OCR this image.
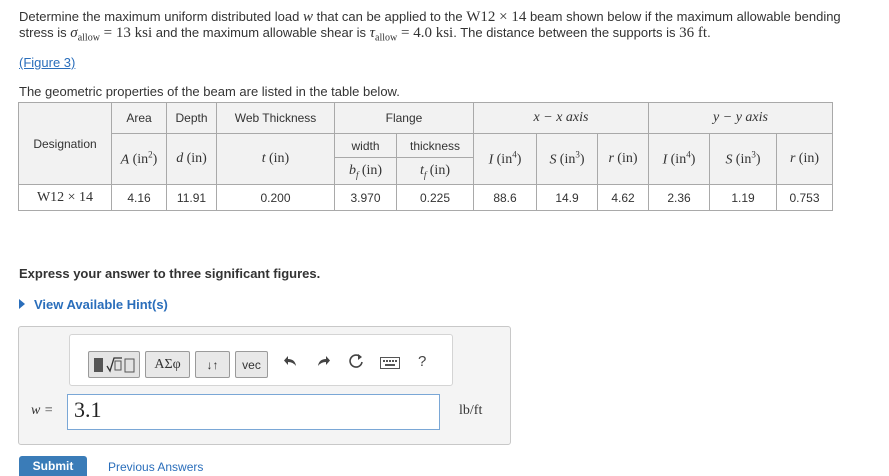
Determine the maximum uniform distributed load w that can be applied to the W12 × 14 beam shown below if the maximum allowable bending stress is $\sigma_{allow} = 13$ ksi and the maximum allowable shear is $\tau_{allow} = 4.0$ ksi. The distance between the supports is 36 ft.
(Figure 3)
The geometric properties of the beam are listed in the table below.
Designation	Area	Depth	Web Thickness	Flange		x − x axis			y − y axis		
	A $(in^2)$	d (in)	t (in)	width	thickness	I $(in^4)$	S $(in^3)$	r (in)	I $(in^4)$	S $(in^3)$	r (in)
				$b_f$ (in)	$t_f$ (in)						
W12 × 14	4.16	11.91	0.200	3.970	0.225	88.6	14.9	4.62	2.36	1.19	0.753
Express your answer to three significant figures.
View Available Hint(s)
ΑΣφ	↓↑	vec	?
w = 3.1	lb/ft
Submit	Previous Answers
